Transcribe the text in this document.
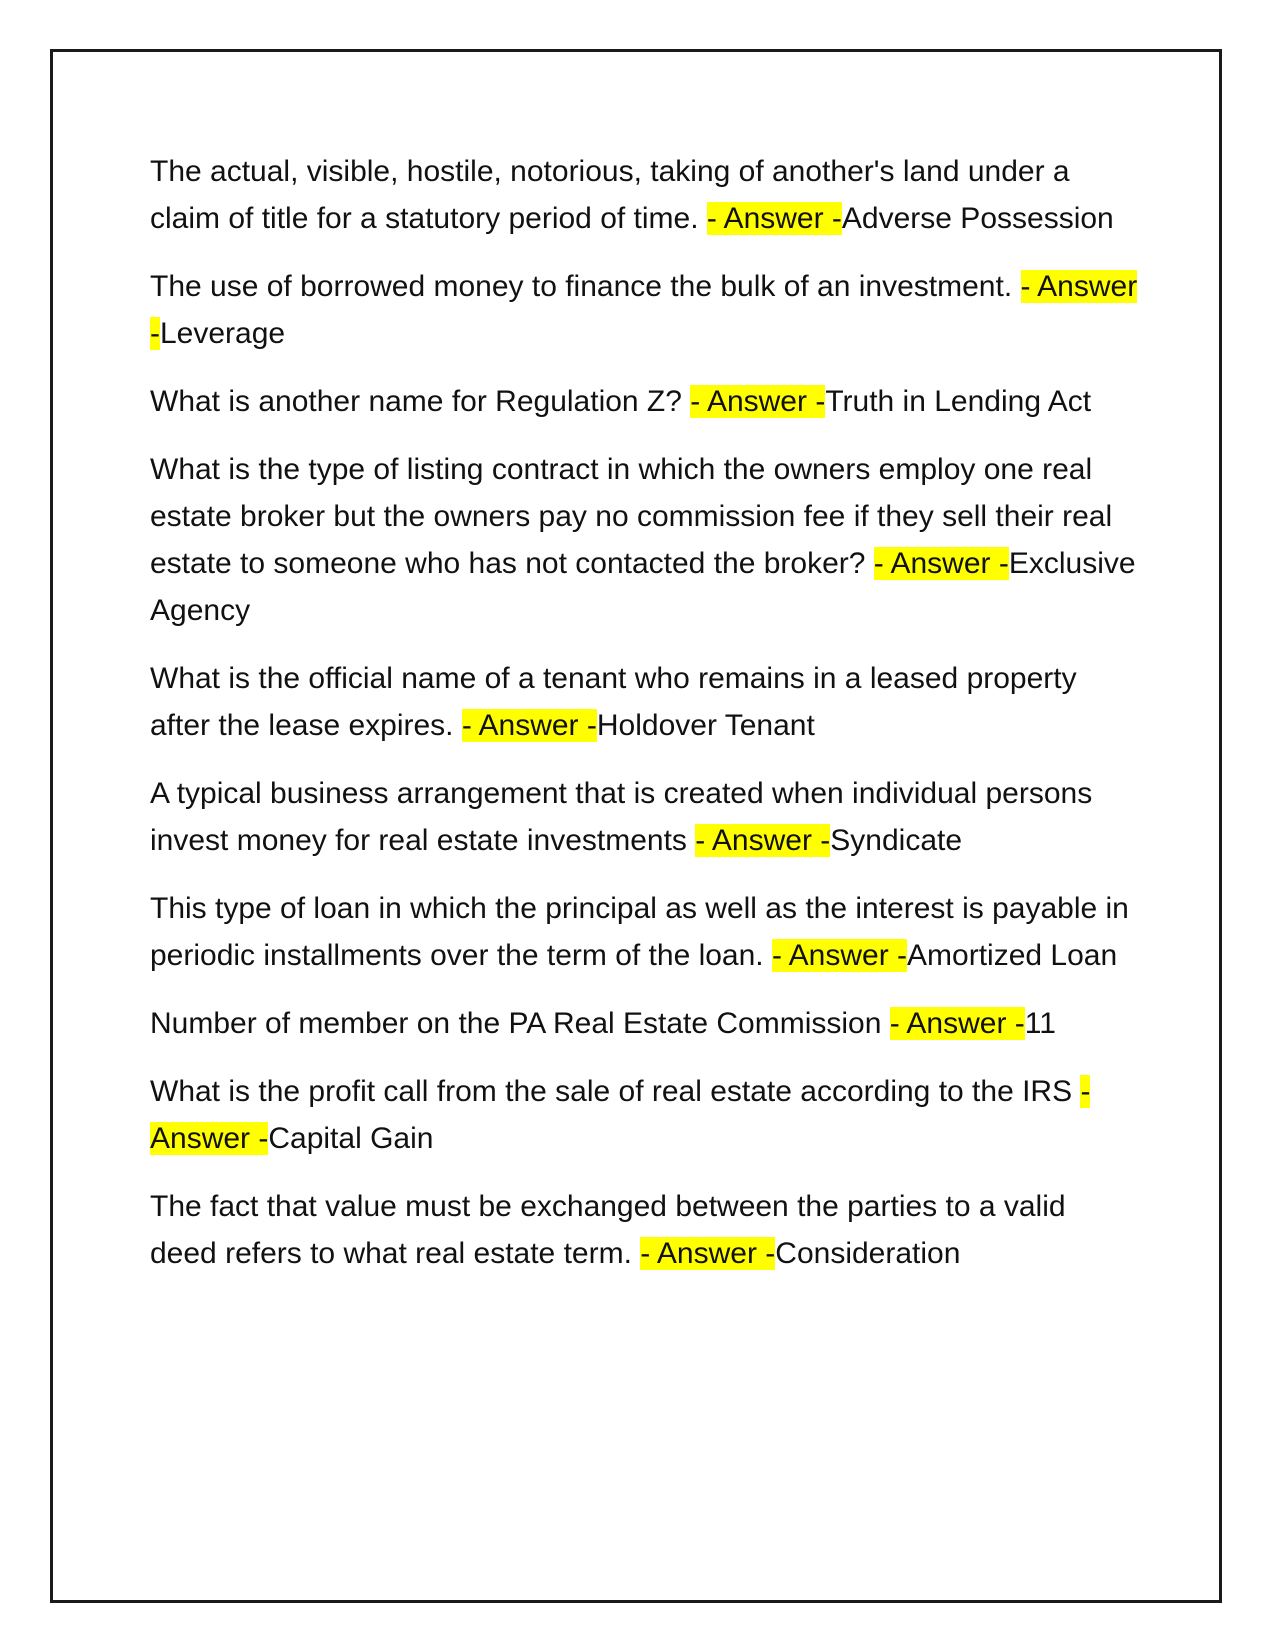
The actual, visible, hostile, notorious, taking of another's land under a claim of title for a statutory period of time. - Answer -Adverse Possession

The use of borrowed money to finance the bulk of an investment. - Answer -Leverage

What is another name for Regulation Z? - Answer -Truth in Lending Act

What is the type of listing contract in which the owners employ one real estate broker but the owners pay no commission fee if they sell their real estate to someone who has not contacted the broker? - Answer -Exclusive Agency

What is the official name of a tenant who remains in a leased property after the lease expires. - Answer -Holdover Tenant

A typical business arrangement that is created when individual persons invest money for real estate investments - Answer -Syndicate

This type of loan in which the principal as well as the interest is payable in periodic installments over the term of the loan. - Answer -Amortized Loan

Number of member on the PA Real Estate Commission - Answer -11

What is the profit call from the sale of real estate according to the IRS - Answer -Capital Gain

The fact that value must be exchanged between the parties to a valid deed refers to what real estate term. - Answer -Consideration
